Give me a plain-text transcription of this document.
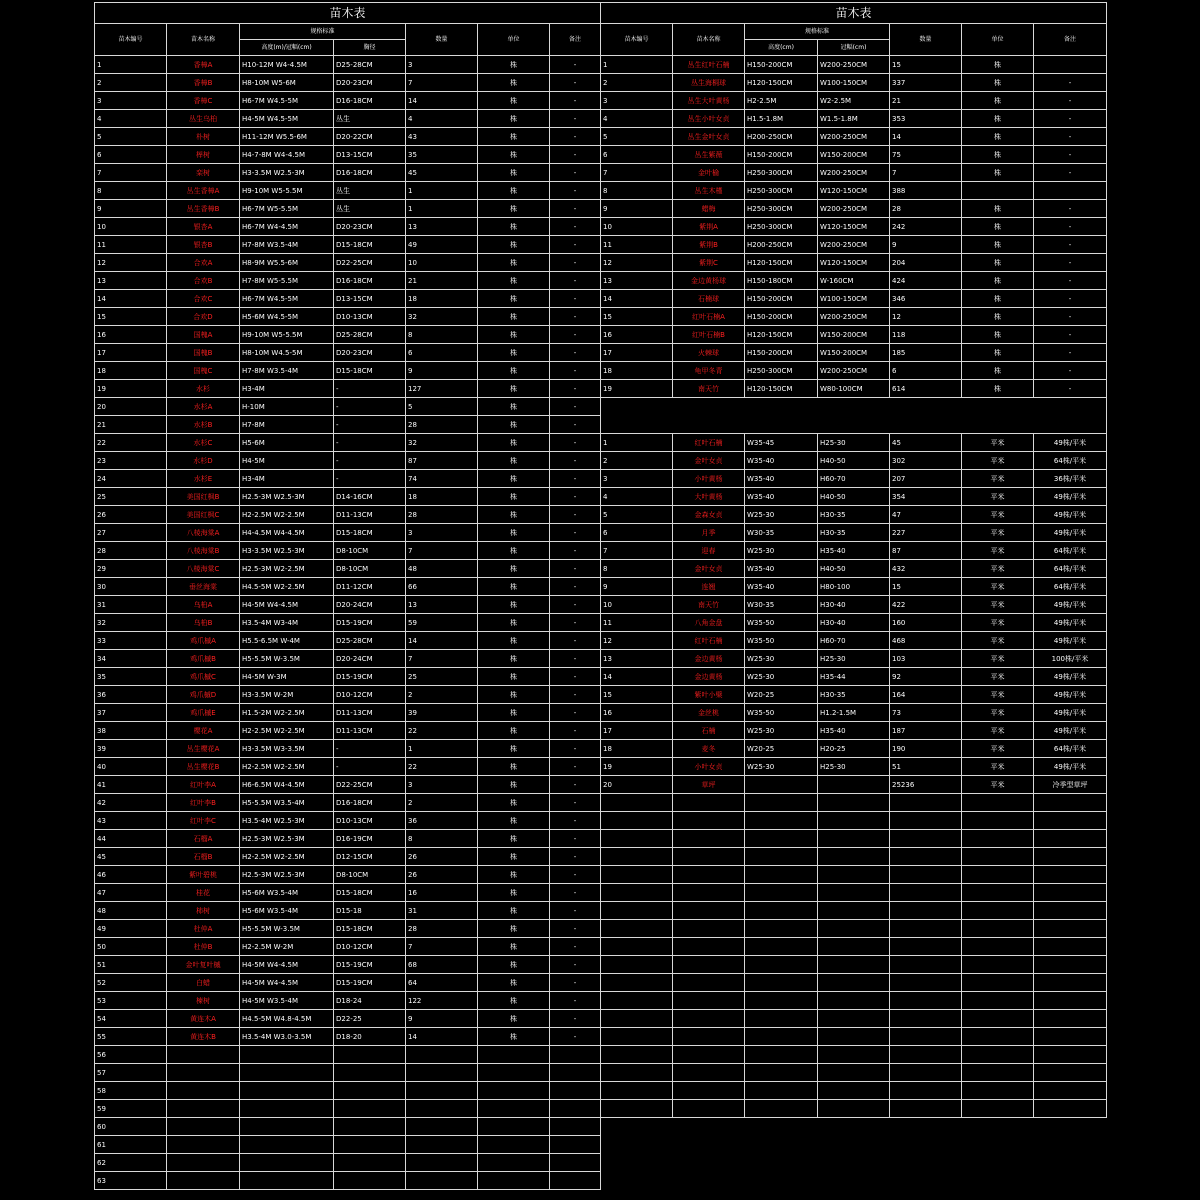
苗木表						
苗木编号	苗木名称	规格标准		数量	单位	备注
		高度(m)/冠幅(cm)	胸径			
1	香樟A	H10-12M W4-4.5M	D25-28CM	3	株	-
2	香樟B	H8-10M W5-6M	D20-23CM	7	株	-
3	香樟C	H6-7M W4.5-5M	D16-18CM	14	株	-
4	丛生乌桕	H4-5M W4.5-5M	丛生	4	株	-
5	朴树	H11-12M W5.5-6M	D20-22CM	43	株	-
6	榉树	H4-7-8M W4-4.5M	D13-15CM	35	株	-
7	栾树	H3-3.5M W2.5-3M	D16-18CM	45	株	-
8	丛生香樟A	H9-10M W5-5.5M	丛生	1	株	-
9	丛生香樟B	H6-7M W5-5.5M	丛生	1	株	-
10	银杏A	H6-7M W4-4.5M	D20-23CM	13	株	-
11	银杏B	H7-8M W3.5-4M	D15-18CM	49	株	-
12	合欢A	H8-9M W5.5-6M	D22-25CM	10	株	-
13	合欢B	H7-8M W5-5.5M	D16-18CM	21	株	-
14	合欢C	H6-7M W4.5-5M	D13-15CM	18	株	-
15	合欢D	H5-6M W4.5-5M	D10-13CM	32	株	-
16	国槐A	H9-10M W5-5.5M	D25-28CM	8	株	-
17	国槐B	H8-10M W4.5-5M	D20-23CM	6	株	-
18	国槐C	H7-8M W3.5-4M	D15-18CM	9	株	-
19	水杉	H3-4M	-	127	株	-
20	水杉A	H-10M	-	5	株	-
21	水杉B	H7-8M	-	28	株	-
22	水杉C	H5-6M	-	32	株	-
23	水杉D	H4-5M	-	87	株	-
24	水杉E	H3-4M	-	74	株	-
25	美国红枫B	H2.5-3M W2.5-3M	D14-16CM	18	株	-
26	美国红枫C	H2-2.5M W2-2.5M	D11-13CM	28	株	-
27	八棱海棠A	H4-4.5M W4-4.5M	D15-18CM	3	株	-
28	八棱海棠B	H3-3.5M W2.5-3M	D8-10CM	7	株	-
29	八棱海棠C	H2.5-3M W2-2.5M	D8-10CM	48	株	-
30	垂丝海棠	H4.5-5M W2-2.5M	D11-12CM	66	株	-
31	乌桕A	H4-5M W4-4.5M	D20-24CM	13	株	-
32	乌桕B	H3.5-4M W3-4M	D15-19CM	59	株	-
33	鸡爪槭A	H5.5-6.5M W-4M	D25-28CM	14	株	-
34	鸡爪槭B	H5-5.5M W-3.5M	D20-24CM	7	株	-
35	鸡爪槭C	H4-5M W-3M	D15-19CM	25	株	-
36	鸡爪槭D	H3-3.5M W-2M	D10-12CM	2	株	-
37	鸡爪槭E	H1.5-2M W2-2.5M	D11-13CM	39	株	-
38	樱花A	H2-2.5M W2-2.5M	D11-13CM	22	株	-
39	丛生樱花A	H3-3.5M W3-3.5M	-	1	株	-
40	丛生樱花B	H2-2.5M W2-2.5M	-	22	株	-
41	红叶李A	H6-6.5M W4-4.5M	D22-25CM	3	株	-
42	红叶李B	H5-5.5M W3.5-4M	D16-18CM	2	株	-
43	红叶李C	H3.5-4M W2.5-3M	D10-13CM	36	株	-
44	石榴A	H2.5-3M W2.5-3M	D16-19CM	8	株	-
45	石榴B	H2-2.5M W2-2.5M	D12-15CM	26	株	-
46	紫叶碧桃	H2.5-3M W2.5-3M	D8-10CM	26	株	-
47	桂花	H5-6M W3.5-4M	D15-18CM	16	株	-
48	柿树	H5-6M W3.5-4M	D15-18	31	株	-
49	杜仲A	H5-5.5M W-3.5M	D15-18CM	28	株	-
50	杜仲B	H2-2.5M W-2M	D10-12CM	7	株	-
51	金叶复叶槭	H4-5M W4-4.5M	D15-19CM	68	株	-
52	白蜡	H4-5M W4-4.5M	D15-19CM	64	株	-
53	楝树	H4-5M W3.5-4M	D18-24	122	株	-
54	黄连木A	H4.5-5M W4.8-4.5M	D22-25	9	株	-
55	黄连木B	H3.5-4M W3.0-3.5M	D18-20	14	株	-
56						
57						
58						
59						
60						
61						
62						
63						
苗木表						
苗木编号	苗木名称	规格标准		数量	单位	备注
		高度(cm)	冠幅(cm)			
1	丛生红叶石楠	H150-200CM	W200-250CM	15	株	
2	丛生海桐球	H120-150CM	W100-150CM	337	株	-
3	丛生大叶黄杨	H2-2.5M	W2-2.5M	21	株	-
4	丛生小叶女贞	H1.5-1.8M	W1.5-1.8M	353	株	-
5	丛生金叶女贞	H200-250CM	W200-250CM	14	株	-
6	丛生紫薇	H150-200CM	W150-200CM	75	株	-
7	金叶榆	H250-300CM	W200-250CM	7	株	-
8	丛生木槿	H250-300CM	W120-150CM	388		
9	蜡梅	H250-300CM	W200-250CM	28	株	-
10	紫荆A	H250-300CM	W120-150CM	242	株	-
11	紫荆B	H200-250CM	W200-250CM	9	株	-
12	紫荆C	H120-150CM	W120-150CM	204	株	-
13	金边黄杨球	H150-180CM	W-160CM	424	株	-
14	石楠球	H150-200CM	W100-150CM	346	株	-
15	红叶石楠A	H150-200CM	W200-250CM	12	株	-
16	红叶石楠B	H120-150CM	W150-200CM	118	株	-
17	火棘球	H150-200CM	W150-200CM	185	株	-
18	龟甲冬青	H250-300CM	W200-250CM	6	株	-
19	南天竹	H120-150CM	W80-100CM	614	株	-

1	红叶石楠	W35-45	H25-30	45	平米	49株/平米
2	金叶女贞	W35-40	H40-50	302	平米	64株/平米
3	小叶黄杨	W35-40	H60-70	207	平米	36株/平米
4	大叶黄杨	W35-40	H40-50	354	平米	49株/平米
5	金森女贞	W25-30	H30-35	47	平米	49株/平米
6	月季	W30-35	H30-35	227	平米	49株/平米
7	迎春	W25-30	H35-40	87	平米	64株/平米
8	金叶女贞	W35-40	H40-50	432	平米	64株/平米
9	连翘	W35-40	H80-100	15	平米	64株/平米
10	南天竹	W30-35	H30-40	422	平米	49株/平米
11	八角金盘	W35-50	H30-40	160	平米	49株/平米
12	红叶石楠	W35-50	H60-70	468	平米	49株/平米
13	金边黄杨	W25-30	H25-30	103	平米	100株/平米
14	金边黄杨	W25-30	H35-44	92	平米	49株/平米
15	紫叶小檗	W20-25	H30-35	164	平米	49株/平米
16	金丝桃	W35-50	H1.2-1.5M	73	平米	49株/平米
17	石楠	W25-30	H35-40	187	平米	49株/平米
18	麦冬	W20-25	H20-25	190	平米	64株/平米
19	小叶女贞	W25-30	H25-30	51	平米	49株/平米
20	草坪			25236	平米	冷季型草坪
